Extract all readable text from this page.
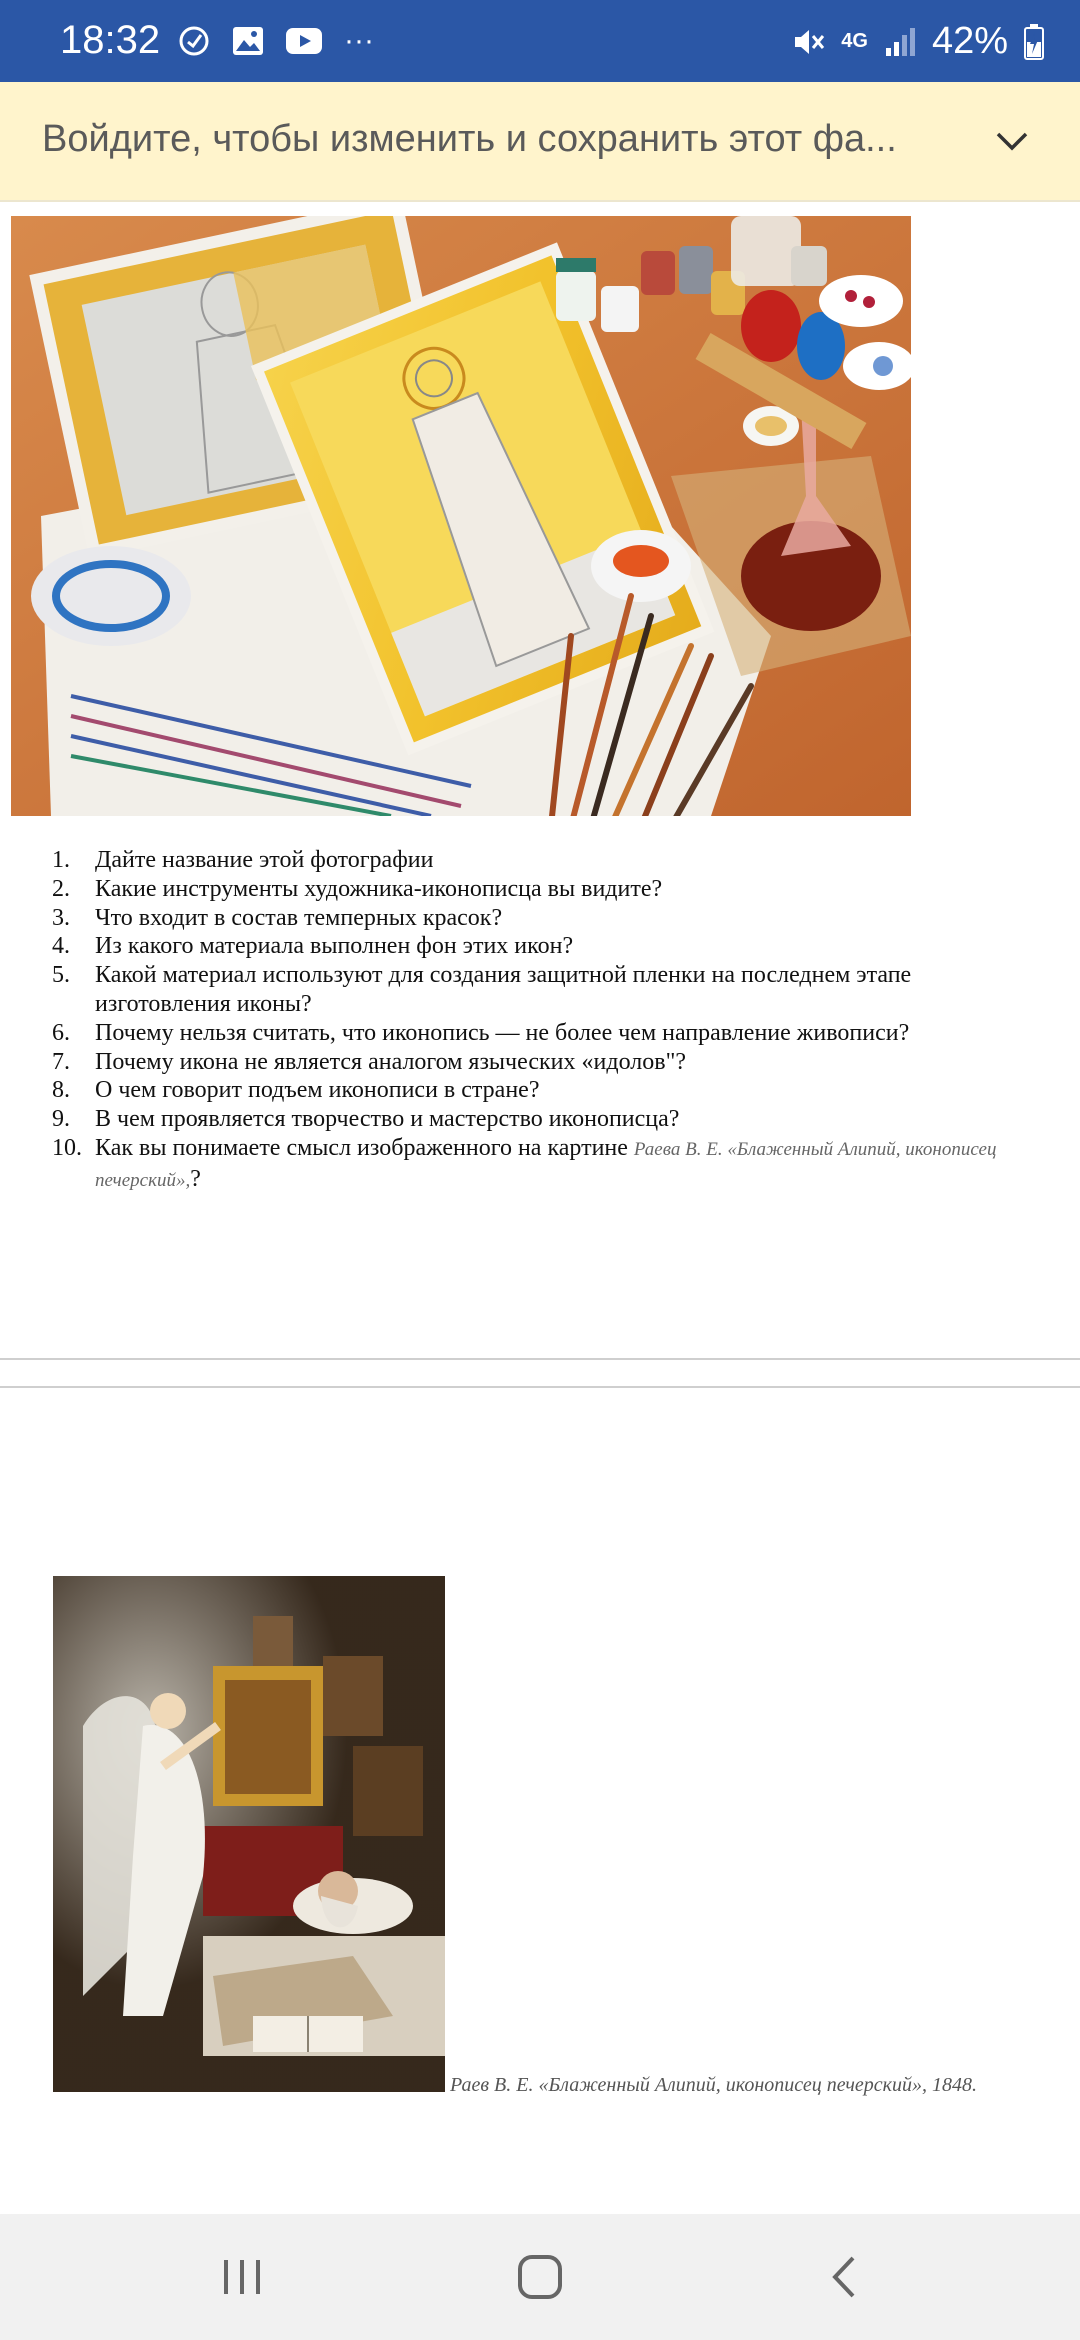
18:32	···	4G 42%
Войдите, чтобы изменить и сохранить этот фа...
1.	Дайте название этой фотографии
2.	Какие инструменты художника-иконописца вы видите?
3.	Что входит в состав темперных красок?
4.	Из какого материала выполнен фон этих икон?
5.	Какой материал используют для создания защитной пленки на последнем этапе изготовления иконы?
6.	Почему нельзя считать, что иконопись — не более чем направление живописи?
7.	Почему икона не является аналогом языческих «идолов"?
8.	О чем говорит подъем иконописи в стране?
9.	В чем проявляется творчество и мастерство иконописца?
10. Как вы понимаете смысл изображенного на картине Раева В. Е. «Блаженный Алипий, иконописец печерский»,?
Раев В. Е. «Блаженный Алипий, иконописец печерский», 1848.
